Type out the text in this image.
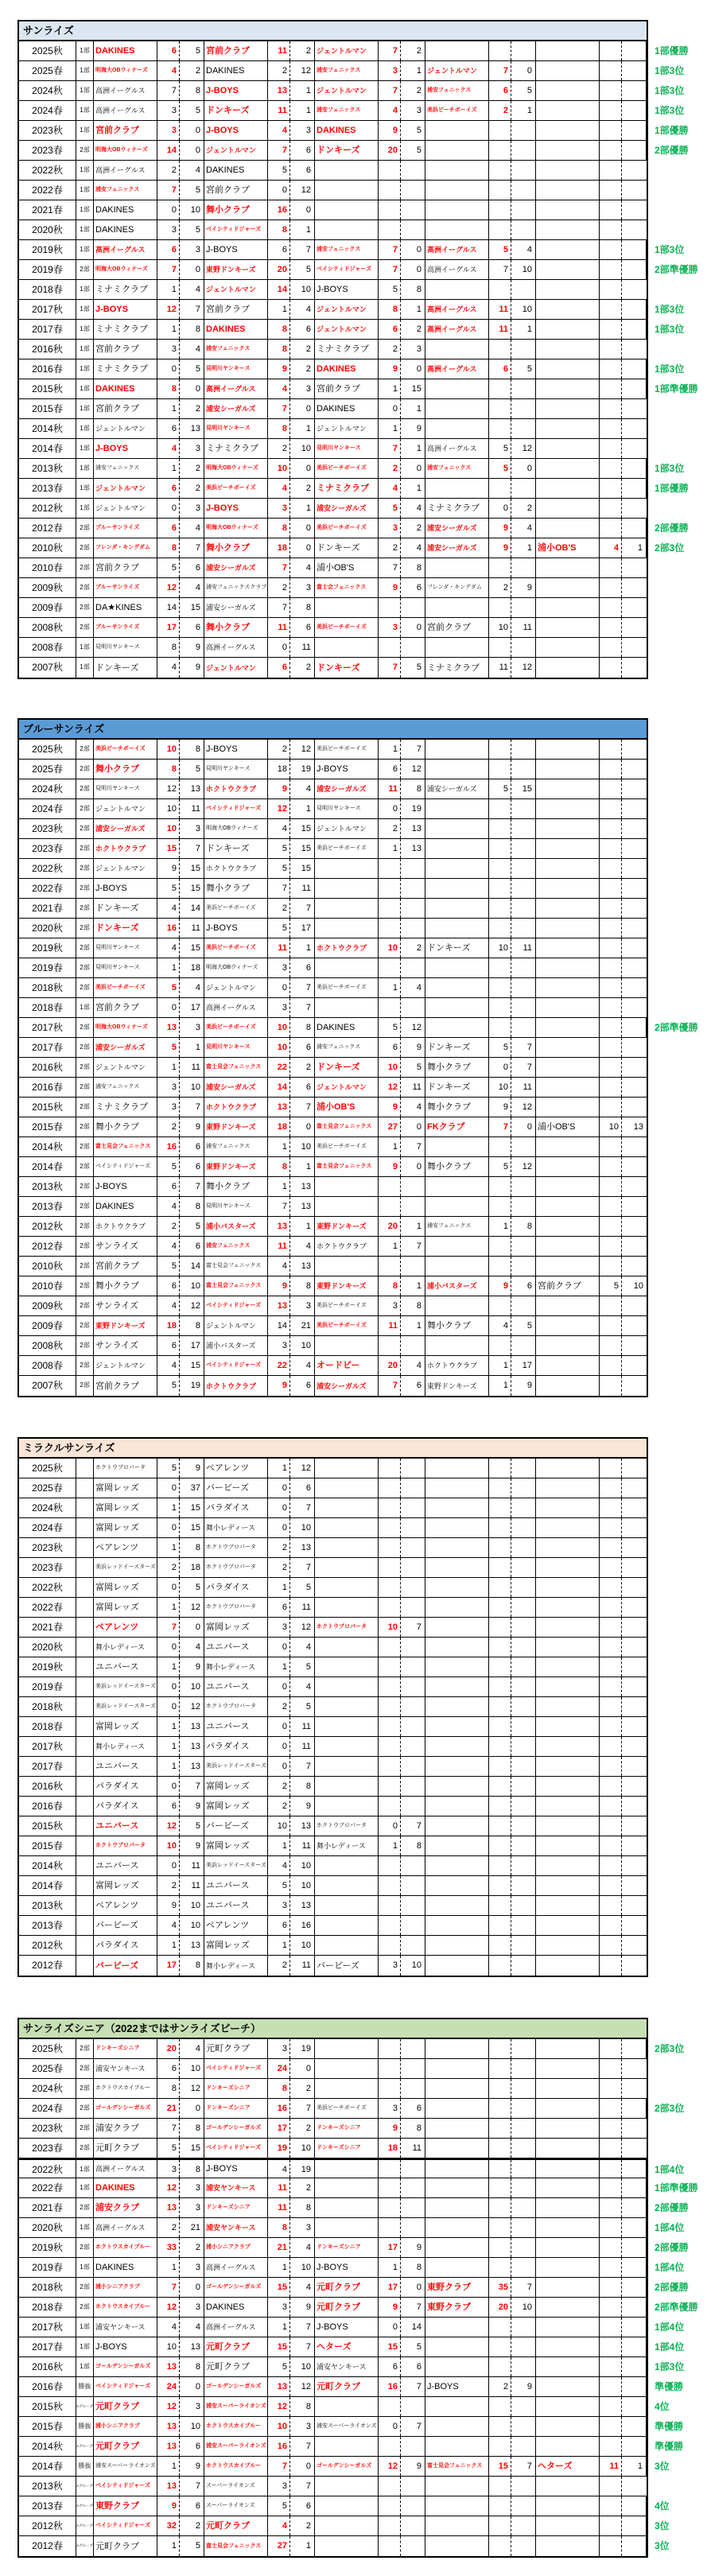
サンライズ
2025秋	1部 DAKINES	6	5 宮前クラブ	11	2 ジェントルマン	7	2	1部優勝
2025春	1部	明海大OBウィナーズ	4	2 DAKINES	2	12	浦安フェニックス	3	1 ジェントルマン	7	0	1部3位
2024秋	1部 高洲イーグルス	7	8 J-BOYS	13	1 ジェントルマン	7	2	浦安フェニックス	6	5	1部3位
2024春	1部 高洲イーグルス	3	5 ドンキーズ	11	1	浦安フェニックス	4	3	美浜ビーチボーイズ	2	1	1部3位
2023秋	1部 宮前クラブ	3	0 J-BOYS	4	3 DAKINES	9	5	1部優勝
2023春	2部	明海大OBウィナーズ	14	0 ジェントルマン	7	6 ドンキーズ	20	5	2部優勝
2022秋	1部 高洲イーグルス	2	4 DAKINES	5	6
2022春	1部	浦安フェニックス	7	5 宮前クラブ	0	12
2021春	1部 DAKINES	0	10 舞小クラブ	16	0
2020秋	1部 DAKINES	3	5	ベイシティドジャーズ	8	1
2019秋	1部 高洲イーグルス	6	3 J-BOYS	6	7	浦安フェニックス	7	0 高洲イーグルス	5	4	1部3位
2019春	2部	明海大OBウィナーズ	7	0 東野ドンキーズ	20	5	ベイシティドジャーズ	7	0 高洲イーグルス	7	10	2部準優勝
2018春	1部 ミナミクラブ	1	4 ジェントルマン	14	10 J-BOYS	5	8
2017秋	1部 J-BOYS	12	7 宮前クラブ	1	4 ジェントルマン	8	1 高洲イーグルス	11	10	1部3位
2017春	1部 ミナミクラブ	1	8 DAKINES	8	6 ジェントルマン	6	2 高洲イーグルス	11	1	1部3位
2016秋	1部 宮前クラブ	3	4	浦安フェニックス	8	2 ミナミクラブ	2	3
2016春	1部 ミナミクラブ	0	5	見明川ヤンキース	9	2 DAKINES	9	0 高洲イーグルス	6	5	1部3位
2015秋	1部 DAKINES	8	0 高洲イーグルス	4	3 宮前クラブ	1	15	1部準優勝
2015春	1部 宮前クラブ	1	2 浦安シーガルズ	7	0 DAKINES	0	1
2014秋	1部 ジェントルマン	6	13	見明川ヤンキース	8	1 ジェントルマン	1	9
2014春	1部 J-BOYS	4	3 ミナミクラブ	2	10	見明川ヤンキース	7	1 高洲イーグルス	5	12
2013秋	1部	浦安フェニックス	1	2	明海大OBウィナーズ	10	0	美浜ビーチボーイズ	2	0	浦安フェニックス	5	0	1部3位
2013春	1部 ジェントルマン	6	2	美浜ビーチボーイズ	4	2 ミナミクラブ	4	1	1部優勝
2012秋	1部 ジェントルマン	0	3 J-BOYS	3	1 浦安シーガルズ	5	4 ミナミクラブ	0	2
2012春	2部	ブルーサンライズ	6	4	明海大OBウィナーズ	8	0	美浜ビーチボーイズ	3	2 浦安シーガルズ	9	4	2部優勝
2010秋	2部	フレンダ・キングダム	8	7 舞小クラブ	18	0 ドンキーズ	2	4 浦安シーガルズ	9	1 浦小OB'S	4	1	2部3位
2010春	2部 宮前クラブ	5	6 浦安シーガルズ	7	4 浦小OB'S	7	8
2009秋	2部	ブルーサンライズ	12	4	浦安フェニックスクラブ	2	3	富士会フェニックス	9	6	フレンダ・キングダム	2	9
2009春	2部 DA★KINES	14	15 浦安シーガルズ	7	8
2008秋	2部	ブルーサンライズ	17	6 舞小クラブ	11	6	美浜ビーチボーイズ	3	0 宮前クラブ	10	11
2008春	1部	見明川ヤンキース	8	9 高洲イーグルス	0	11
2007秋	1部 ドンキーズ	4	9 ジェントルマン	6	2 ドンキーズ	7	5 ミナミクラブ	11	12
ブルーサンライズ
2025秋	2部	美浜ビーチボーイズ	10	8 J-BOYS	2	12	美浜ビーチボーイズ	1	7
2025春	2部 舞小クラブ	8	5	見明川ヤンキース	18	19 J-BOYS	6	12
2024秋	2部	見明川ヤンキース	12	13 ホクトウクラブ	9	4 浦安シーガルズ	11	8 浦安シーガルズ	5	15
2024春	2部 ジェントルマン	10	11	ベイシティドジャーズ	12	1	見明川ヤンキース	0	19
2023秋	2部 浦安シーガルズ	10	3	明海大OBウィナーズ	4	15 ジェントルマン	2	13
2023春	2部 ホクトウクラブ	15	7 ドンキーズ	5	15	美浜ビーチボーイズ	1	13
2022秋	2部 ジェントルマン	9	15 ホクトウクラブ	5	15
2022春	2部 J-BOYS	5	15 舞小クラブ	7	11
2021春	2部 ドンキーズ	4	14	美浜ビーチボーイズ	2	7
2020秋	2部 ドンキーズ	16	11 J-BOYS	5	17
2019秋	2部	見明川ヤンキース	4	15	美浜ビーチボーイズ	11	1 ホクトウクラブ	10	2 ドンキーズ	10	11
2019春	2部	見明川ヤンキース	1	18	明海大OBウィナーズ	3	6
2018秋	2部	美浜ビーチボーイズ	5	4 ジェントルマン	0	7	美浜ビーチボーイズ	1	4
2018春	1部 宮前クラブ	0	17 高洲イーグルス	3	7
2017秋	2部	明海大OBウィナーズ	13	3	美浜ビーチボーイズ	10	8 DAKINES	5	12	2部準優勝
2017春	2部 浦安シーガルズ	5	1	見明川ヤンキース	10	6	浦安フェニックス	6	9 ドンキーズ	5	7
2016秋	2部 ジェントルマン	1	11	富士見会フェニックス	22	2 ドンキーズ	10	5 舞小クラブ	0	7
2016春	2部	浦安フェニックス	3	10 浦安シーガルズ	14	6 ジェントルマン	12	11 ドンキーズ	10	11
2015秋	2部 ミナミクラブ	3	7 ホクトウクラブ	13	7 浦小OB'S	9	4 舞小クラブ	9	12
2015春	2部 舞小クラブ	2	9 東野ドンキーズ	18	0	富士見会フェニックス	27	0 FKクラブ	7	0 浦小OB'S	10	13
2014秋	2部	富士見会フェニックス	16	6	浦安フェニックス	1	10	美浜ビーチボーイズ	1	7
2014春	2部	ベイシティドジャーズ	5	6 東野ドンキーズ	8	1	富士見会フェニックス	9	0 舞小クラブ	5	12
2013秋	2部 J-BOYS	6	7 舞小クラブ	1	13
2013春	2部 DAKINES	4	8	見明川ヤンキース	7	13
2012秋	2部 ホクトウクラブ	2	5 浦小バスターズ	13	1 東野ドンキーズ	20	1	浦安フェニックス	1	8
2012春	2部 サンライズ	4	6	浦安フェニックス	11	4 ホクトウクラブ	1	7
2010秋	2部 宮前クラブ	5	14	富士見会フェニックス	4	13
2010春	2部 舞小クラブ	6	10	富士見会フェニックス	9	8 東野ドンキーズ	8	1 浦小バスターズ	9	6 宮前クラブ	5	10
2009秋	2部 サンライズ	4	12	ベイシティドジャーズ	13	3	美浜ビーチボーイズ	3	8
2009春	2部 東野ドンキーズ	18	8 ジェントルマン	14	21	美浜ビーチボーイズ	11	1 舞小クラブ	4	5
2008秋	2部 サンライズ	6	17 浦小バスターズ	3	10
2008春	2部 ジェントルマン	4	15	ベイシティドジャーズ	22	4 オードビー	20	4 ホクトウクラブ	1	17
2007秋	2部 宮前クラブ	5	19 ホクトウクラブ	9	6 浦安シーガルズ	7	6 東野ドンキーズ	1	9
ミラクルサンライズ
2025秋	ホクトウプロパータ	5	9 ペアレンツ	1	12
2025春	富岡レッズ	0	37 バービーズ	0	6
2024秋	富岡レッズ	1	15 パラダイス	0	7
2024春	富岡レッズ	0	15 舞小レディース	0	10
2023秋	ペアレンツ	1	8	ホクトウプロパータ	2	13
2023春	美浜レッドイースターズ	2	18	ホクトウプロパータ	2	7
2022秋	富岡レッズ	0	5 パラダイス	1	5
2022春	富岡レッズ	1	12	ホクトウプロパータ	6	11
2021春	ペアレンツ	7	0 富岡レッズ	3	12	ホクトウプロパータ	10	7
2020秋	舞小レディース	0	4 ユニバース	0	4
2019秋	ユニバース	1	9 舞小レディース	1	5
2019春	美浜レッドイースターズ	0	10 ユニバース	0	4
2018秋	美浜レッドイースターズ	0	12	ホクトウプロパータ	2	5
2018春	富岡レッズ	1	13 ユニバース	0	11
2017秋	舞小レディース	1	13 パラダイス	0	11
2017春	ユニバース	1	13	美浜レッドイースターズ	0	7
2016秋	パラダイス	0	7 富岡レッズ	2	8
2016春	パラダイス	6	9 富岡レッズ	2	9
2015秋	ユニバース	12	5 バービーズ	10	13	ホクトウプロパータ	0	7
2015春	ホクトウプロパータ	10	9 富岡レッズ	1	11 舞小レディース	1	8
2014秋	ユニバース	0	11	美浜レッドイースターズ	4	10
2014春	富岡レッズ	2	11 ユニバース	5	10
2013秋	ペアレンツ	9	10 ユニバース	3	13
2013春	バービーズ	4	10 ペアレンツ	6	16
2012秋	パラダイス	1	13 富岡レッズ	1	10
2012春	バービーズ	17	8 舞小レディース	2	11 バービーズ	3	10
サンライズシニア（2022まではサンライズビーチ）
2025秋	2部	ドンキーズシニア	20	4 元町クラブ	3	19	2部3位
2025春	2部 浦安ヤンキース	6	10	ベイシティドジャーズ	24	0
2024秋	2部	ホクトウスカイブルー	8	12	ドンキーズシニア	8	2
2024春	2部	ゴールデンシーガルズ	21	0	ドンキーズシニア	16	7	美浜ビーチボーイズ	3	6	2部3位
2023秋	2部 浦安クラブ	7	8	ゴールデンシーガルズ	17	2	ドンキーズシニア	9	8
2023春	2部 元町クラブ	5	15	ベイシティドジャーズ	19	10	ドンキーズシニア	18	11
2022秋	1部 高洲イーグルス	3	8 J-BOYS	4	19	1部4位
2022春	1部 DAKINES	12	3 浦安ヤンキース	11	2	1部準優勝
2021春	2部 浦安クラブ	13	3	ドンキーズシニア	11	8	2部優勝
2020秋	1部 高洲イーグルス	2	21 浦安ヤンキース	8	3	1部4位
2019秋	2部	ホクトウスカイブルー	33	2	浦小シニアクラブ	21	4	ドンキーズシニア	17	9	2部優勝
2019春	1部 DAKINES	1	3 高洲イーグルス	1	10 J-BOYS	1	8	1部4位
2018秋	2部	浦小シニアクラブ	7	0	ゴールデンシーガルズ	15	4 元町クラブ	17	0 東野クラブ	35	7	2部優勝
2018春	2部	ホクトウスカイブルー	12	3 DAKINES	3	9 元町クラブ	9	7 東野クラブ	20	10	2部準優勝
2017秋	1部 浦安ヤンキース	4	4 高洲イーグルス	1	7 J-BOYS	0	14	1部4位
2017春	1部 J-BOYS	10	13 元町クラブ	15	7 ヘターズ	15	5	1部4位
2016秋	1部	ゴールデンシーガルズ	13	8 元町クラブ	5	10 浦安ヤンキース	6	6	1部3位
2016春	勝抜 ベイシティドジャーズ	24	0	ゴールデンシーガルズ	13	12 元町クラブ	16	7 J-BOYS	2	9	準優勝
2015秋	Aグループ 元町クラブ	12	3	浦安スーパーライオンズ	12	8	4位
2015春	勝抜 浦小シニアクラブ	13	10	ホクトウスカイブルー	10	3	浦安スーパーライオンズ	0	7	準優勝
2014秋	Aグループ 元町クラブ	13	6	浦安スーパーライオンズ	16	7	準優勝
2014春	勝抜 浦安スーパーライオンズ	1	9	ホクトウスカイブルー	7	0	ゴールデンシーガルズ	12	9	富士見会フェニックス	15	7 ヘターズ	11	1	3位
2013秋	Aグループ ベイシティドジャーズ	13	7	スーパーライオンズ	3	7
2013春	Aグループ 東野クラブ	9	6	スーパーライオンズ	5	6	4位
2012秋	Aグループ ベイシティドジャーズ	32	2 元町クラブ	4	2	3位
2012春	Aグループ 元町クラブ	1	5	富士見会フェニックス	27	1	3位
